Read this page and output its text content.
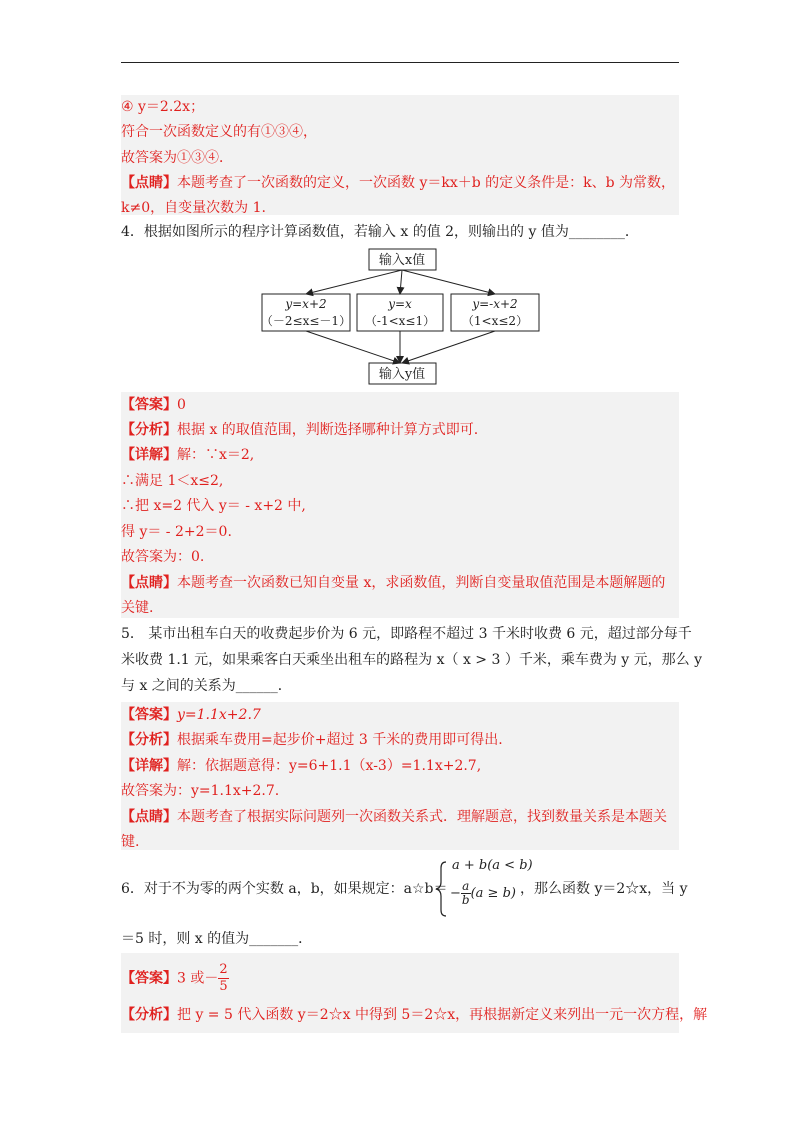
④ y＝2.2x；
符合一次函数定义的有①③④，
故答案为①③④．
【点睛】本题考查了一次函数的定义，一次函数 y＝kx＋b 的定义条件是：k、b 为常数，
k≠0，自变量次数为 1.
4．根据如图所示的程序计算函数值，若输入 x 的值 2，则输出的 y 值为________．
输入x值
y=x+2
（－2≤x≤－1）
y=x
（-1<x≤1）
y=-x+2
（1<x≤2）
输入y值
【答案】0
【分析】根据 x 的取值范围，判断选择哪种计算方式即可.
【详解】解：∵x＝2,
∴满足 1＜x≤2,
∴把 x=2 代入 y＝ - x+2 中,
得 y＝ - 2+2＝0.
故答案为：0.
【点睛】本题考查一次函数已知自变量 x，求函数值，判断自变量取值范围是本题解题的
关键.
5． 某市出租车白天的收费起步价为 6 元，即路程不超过 3 千米时收费 6 元，超过部分每千
米收费 1.1 元，如果乘客白天乘坐出租车的路程为 x（ x > 3 ）千米，乘车费为 y 元，那么 y
与 x 之间的关系为______．
【答案】y=1.1x+2.7
【分析】根据乘车费用=起步价+超过 3 千米的费用即可得出.
【详解】解：依据题意得：y=6+1.1（x-3）=1.1x+2.7,
故答案为：y=1.1x+2.7.
【点睛】本题考查了根据实际问题列一次函数关系式．理解题意，找到数量关系是本题关
键.
6．对于不为零的两个实数 a，b，如果规定：a☆b＝
a + b(a < b)
− $\frac{a}{b} (a \ge b)$ ，那么函数 y＝2☆x，当 y
＝5 时，则 x 的值为_______．
【答案】3 或－ $\frac{2}{5}$
【分析】把 y = 5 代入函数 y＝2☆x 中得到 5＝2☆x，再根据新定义来列出一元一次方程，解
